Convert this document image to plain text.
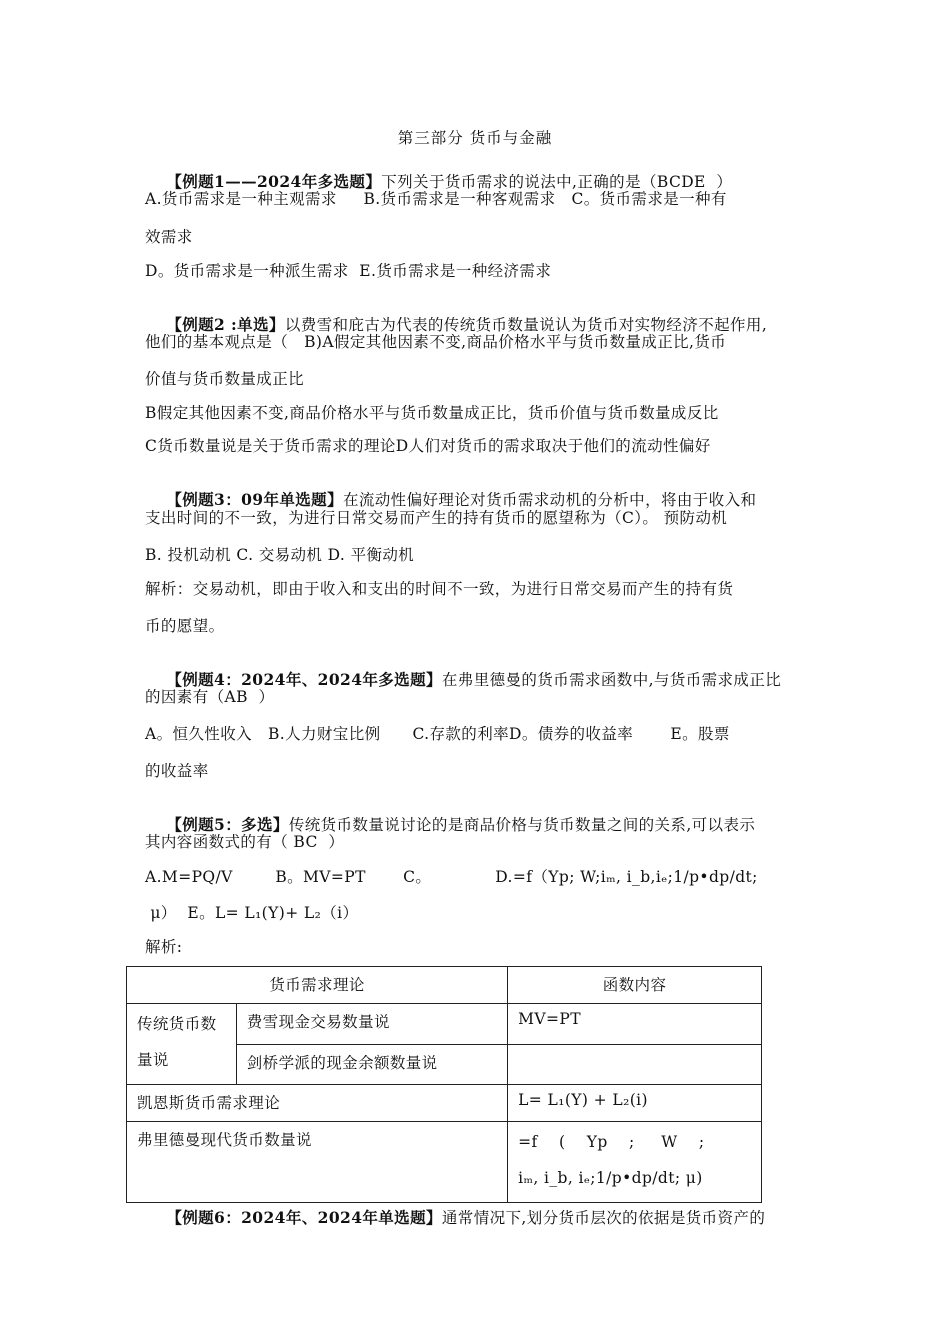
第三部分 货币与金融

【例题1——2024年多选题】下列关于货币需求的说法中,正确的是（BCDE  ）

A.货币需求是一种主观需求     B.货币需求是一种客观需求   C。货币需求是一种有
效需求
D。货币需求是一种派生需求  E.货币需求是一种经济需求

【例题2 :单选】以费雪和庇古为代表的传统货币数量说认为货币对实物经济不起作用,

他们的基本观点是（   B)A假定其他因素不变,商品价格水平与货币数量成正比,货币
价值与货币数量成正比
B假定其他因素不变,商品价格水平与货币数量成正比，货币价值与货币数量成反比
C货币数量说是关于货币需求的理论D人们对货币的需求取决于他们的流动性偏好

【例题3：09年单选题】在流动性偏好理论对货币需求动机的分析中，将由于收入和

支出时间的不一致，为进行日常交易而产生的持有货币的愿望称为（C）。 预防动机
B. 投机动机 C. 交易动机 D. 平衡动机
解析：交易动机，即由于收入和支出的时间不一致，为进行日常交易而产生的持有货
币的愿望。

【例题4：2024年、2024年多选题】在弗里德曼的货币需求函数中,与货币需求成正比

的因素有（AB  ）
A。恒久性收入   B.人力财宝比例      C.存款的利率D。债券的收益率       E。股票
的收益率

【例题5：多选】传统货币数量说讨论的是商品价格与货币数量之间的关系,可以表示

其内容函数式的有（ BC  ）
A.M=PQ/V        B。MV=PT       C。            D.=f（Yp; W;iₘ, i_b,iₑ;1/p•dp/dt;
μ）  E。L= L₁(Y)+ L₂（i）
解析:
货币需求理论		函数内容

传统货币数
量说	费雪现金交易数量说	MV=PT
	剑桥学派的现金余额数量说	
凯恩斯货币需求理论		L= L₁(Y) + L₂(i)
弗里德曼现代货币数量说		=f    (    Yp    ;     W    ;
iₘ, i_b, iₑ;1/p•dp/dt; μ)

【例题6：2024年、2024年单选题】通常情况下,划分货币层次的依据是货币资产的
